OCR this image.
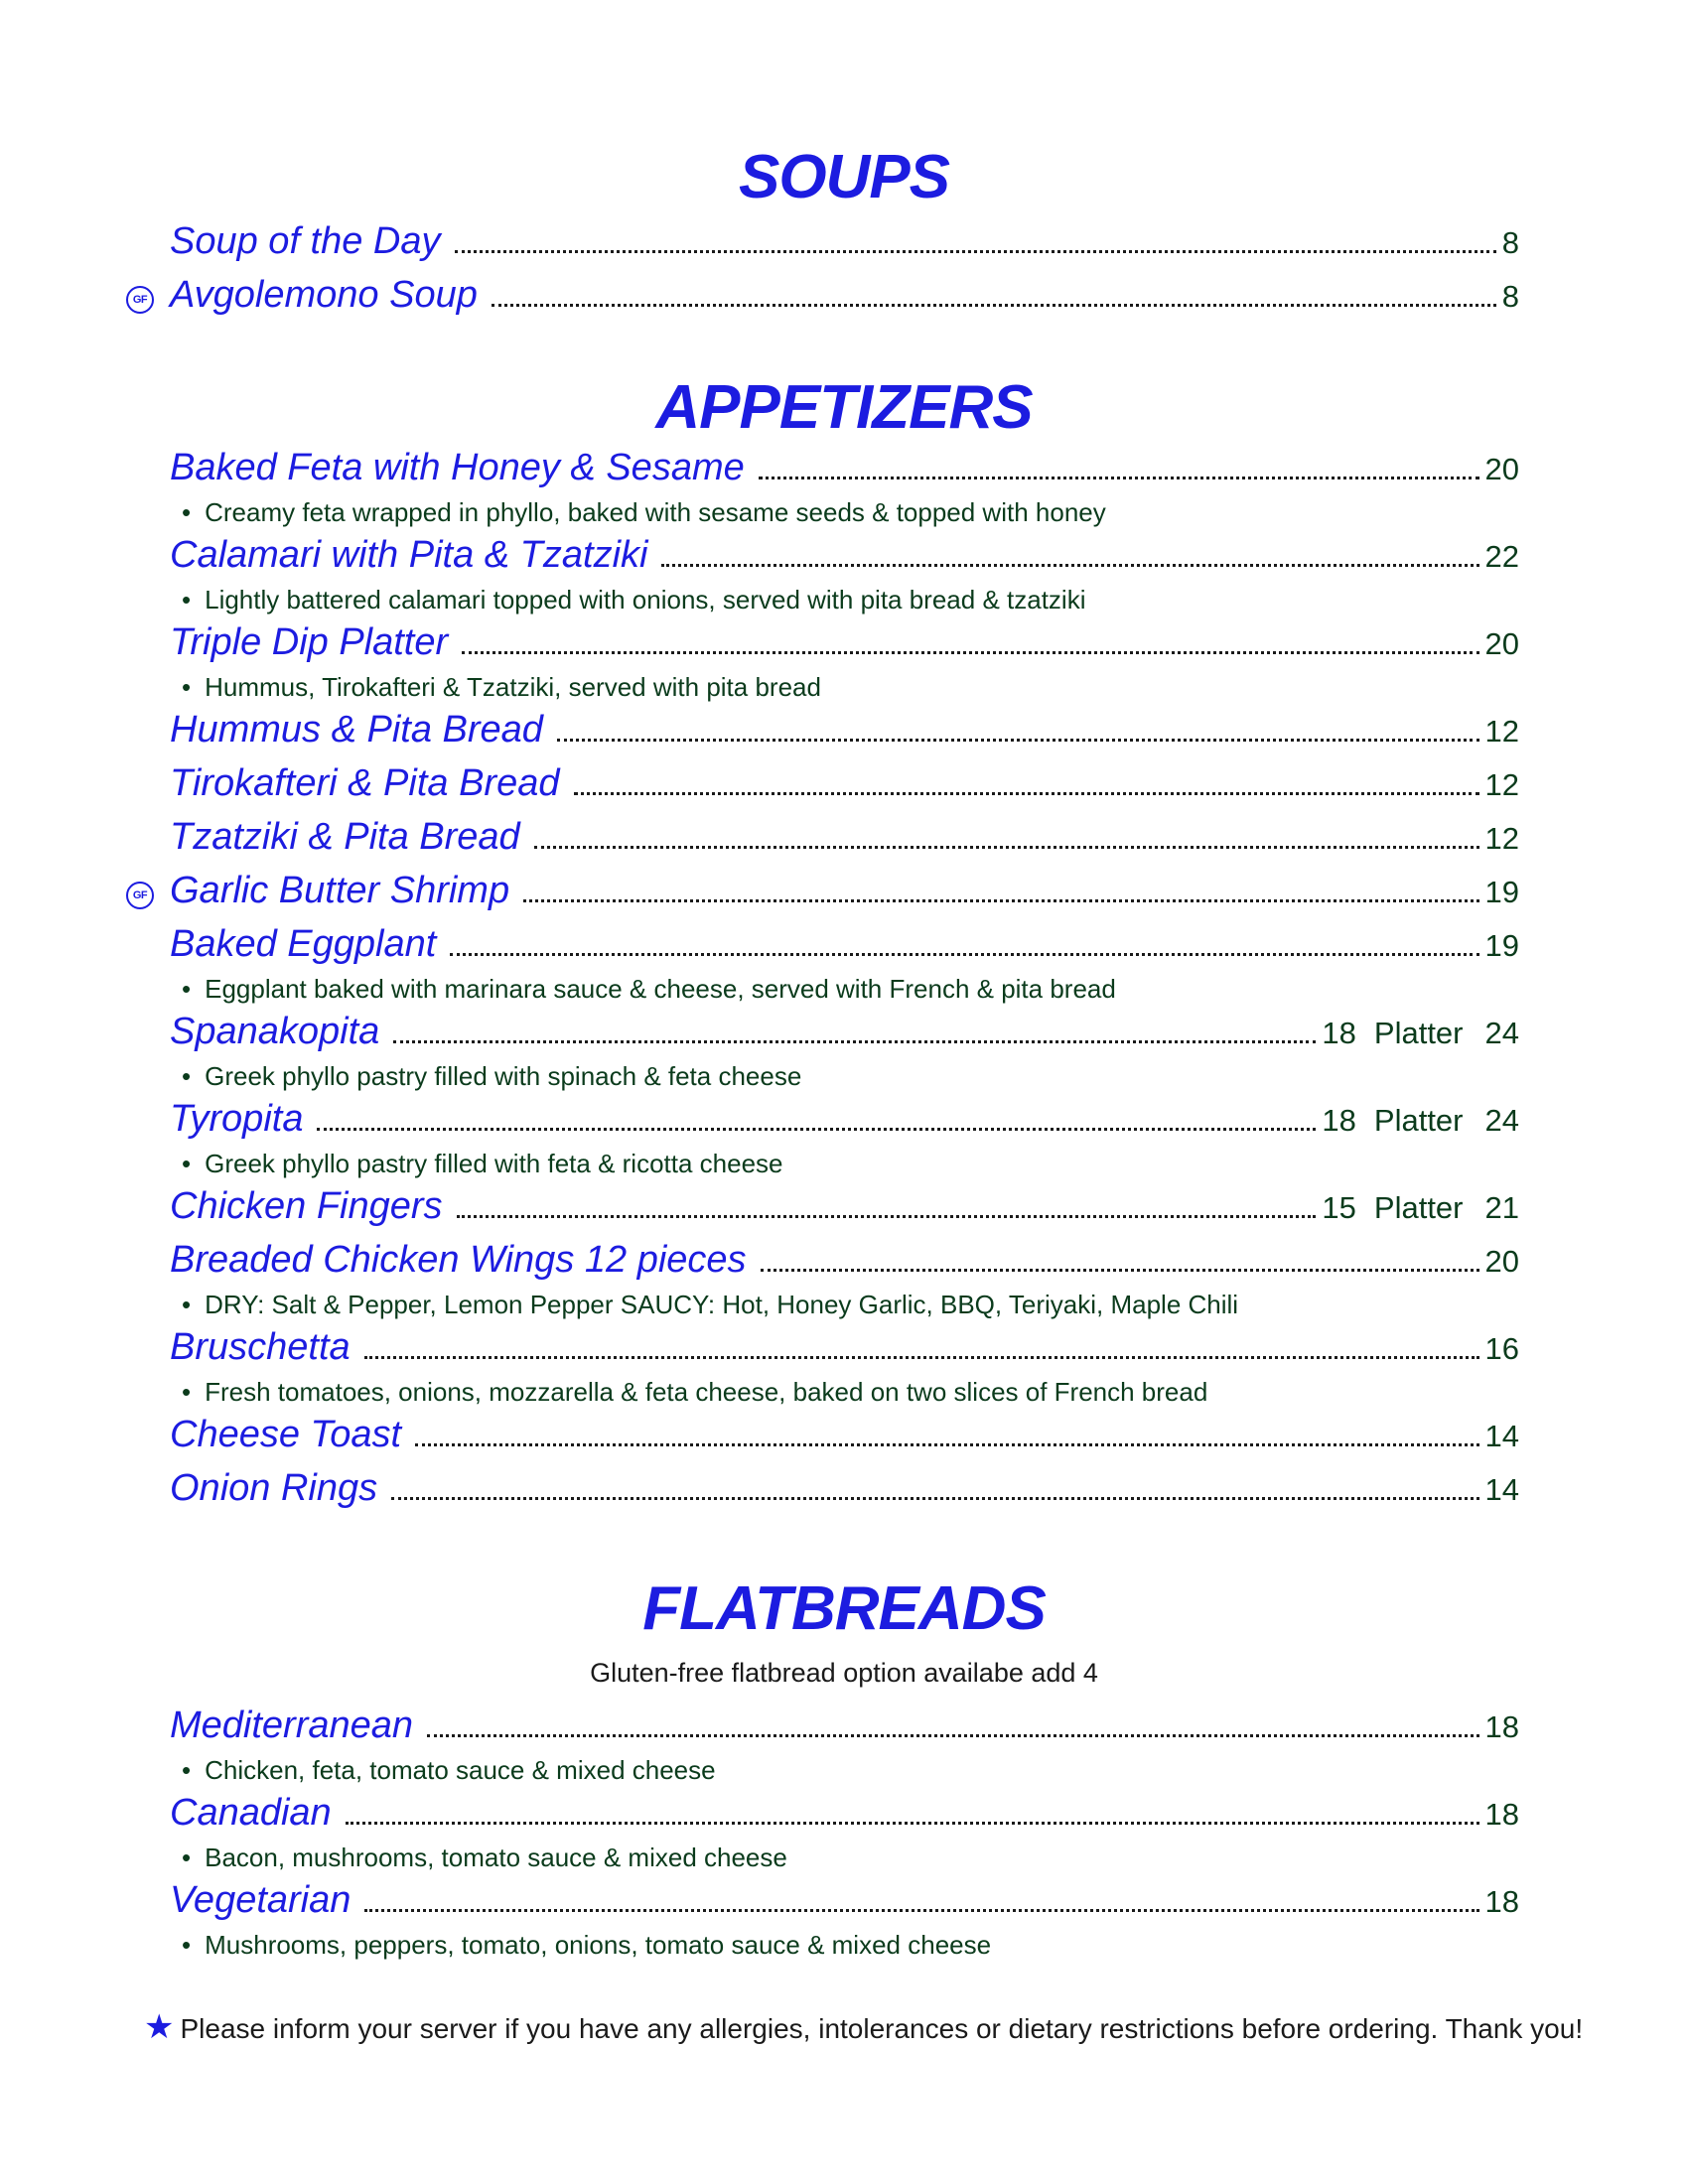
SOUPS
Soup of the Day	8
GF Avgolemono Soup	8
APPETIZERS
Baked Feta with Honey & Sesame	20
• Creamy feta wrapped in phyllo, baked with sesame seeds & topped with honey
Calamari with Pita & Tzatziki	22
• Lightly battered calamari topped with onions, served with pita bread & tzatziki
Triple Dip Platter	20
• Hummus, Tirokafteri & Tzatziki, served with pita bread
Hummus & Pita Bread	12
Tirokafteri & Pita Bread	12
Tzatziki & Pita Bread	12
GF Garlic Butter Shrimp	19
Baked Eggplant	19
• Eggplant baked with marinara sauce & cheese, served with French & pita bread
Spanakopita	18 Platter 24
• Greek phyllo pastry filled with spinach & feta cheese
Tyropita	18 Platter 24
• Greek phyllo pastry filled with feta & ricotta cheese
Chicken Fingers	15 Platter 21
Breaded Chicken Wings 12 pieces	20
• DRY: Salt & Pepper, Lemon Pepper SAUCY: Hot, Honey Garlic, BBQ, Teriyaki, Maple Chili
Bruschetta	16
• Fresh tomatoes, onions, mozzarella & feta cheese, baked on two slices of French bread
Cheese Toast	14
Onion Rings	14
FLATBREADS

Gluten-free flatbread option availabe add 4

Mediterranean	18
• Chicken, feta, tomato sauce & mixed cheese
Canadian	18
• Bacon, mushrooms, tomato sauce & mixed cheese
Vegetarian	18
• Mushrooms, peppers, tomato, onions, tomato sauce & mixed cheese
★ Please inform your server if you have any allergies, intolerances or dietary restrictions before ordering. Thank you!
